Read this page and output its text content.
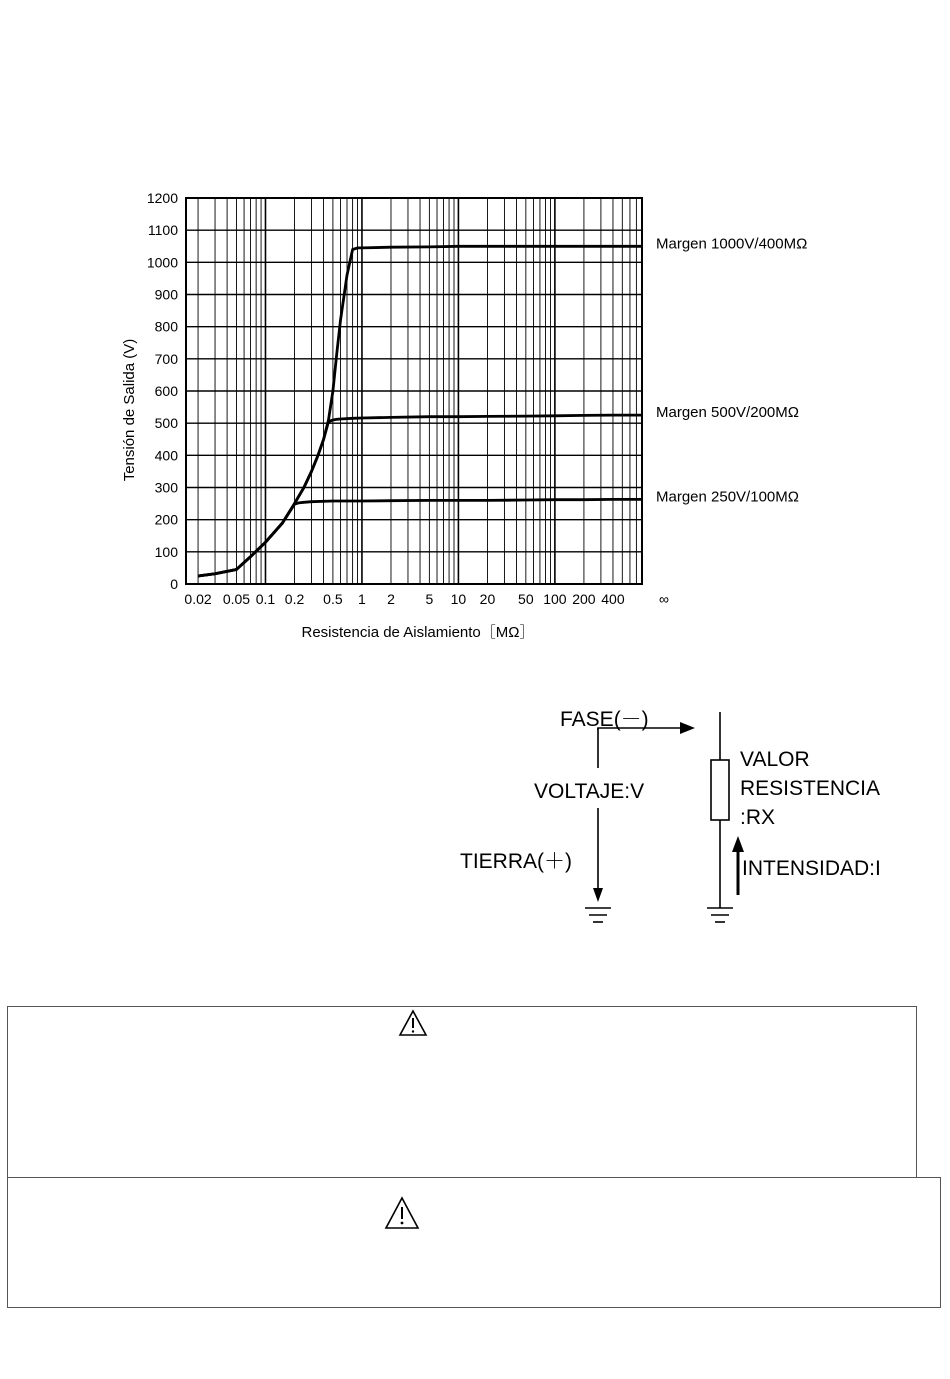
0
100
200
300
400
500
600
700
800
900
1000
1100
1200
0.02 0.05 0.1 0.2 0.5 1 2 5 10 20 50 100 200 400 ∞
Margen 1000V/400MΩ
Margen 500V/200MΩ
Margen 250V/100MΩ
Tensión de Salida (V)
Resistencia de Aislamiento［MΩ］
FASE(－)
VOLTAJE:V
TIERRA(＋)
VALOR
RESISTENCIA
:RX
INTENSIDAD:I
